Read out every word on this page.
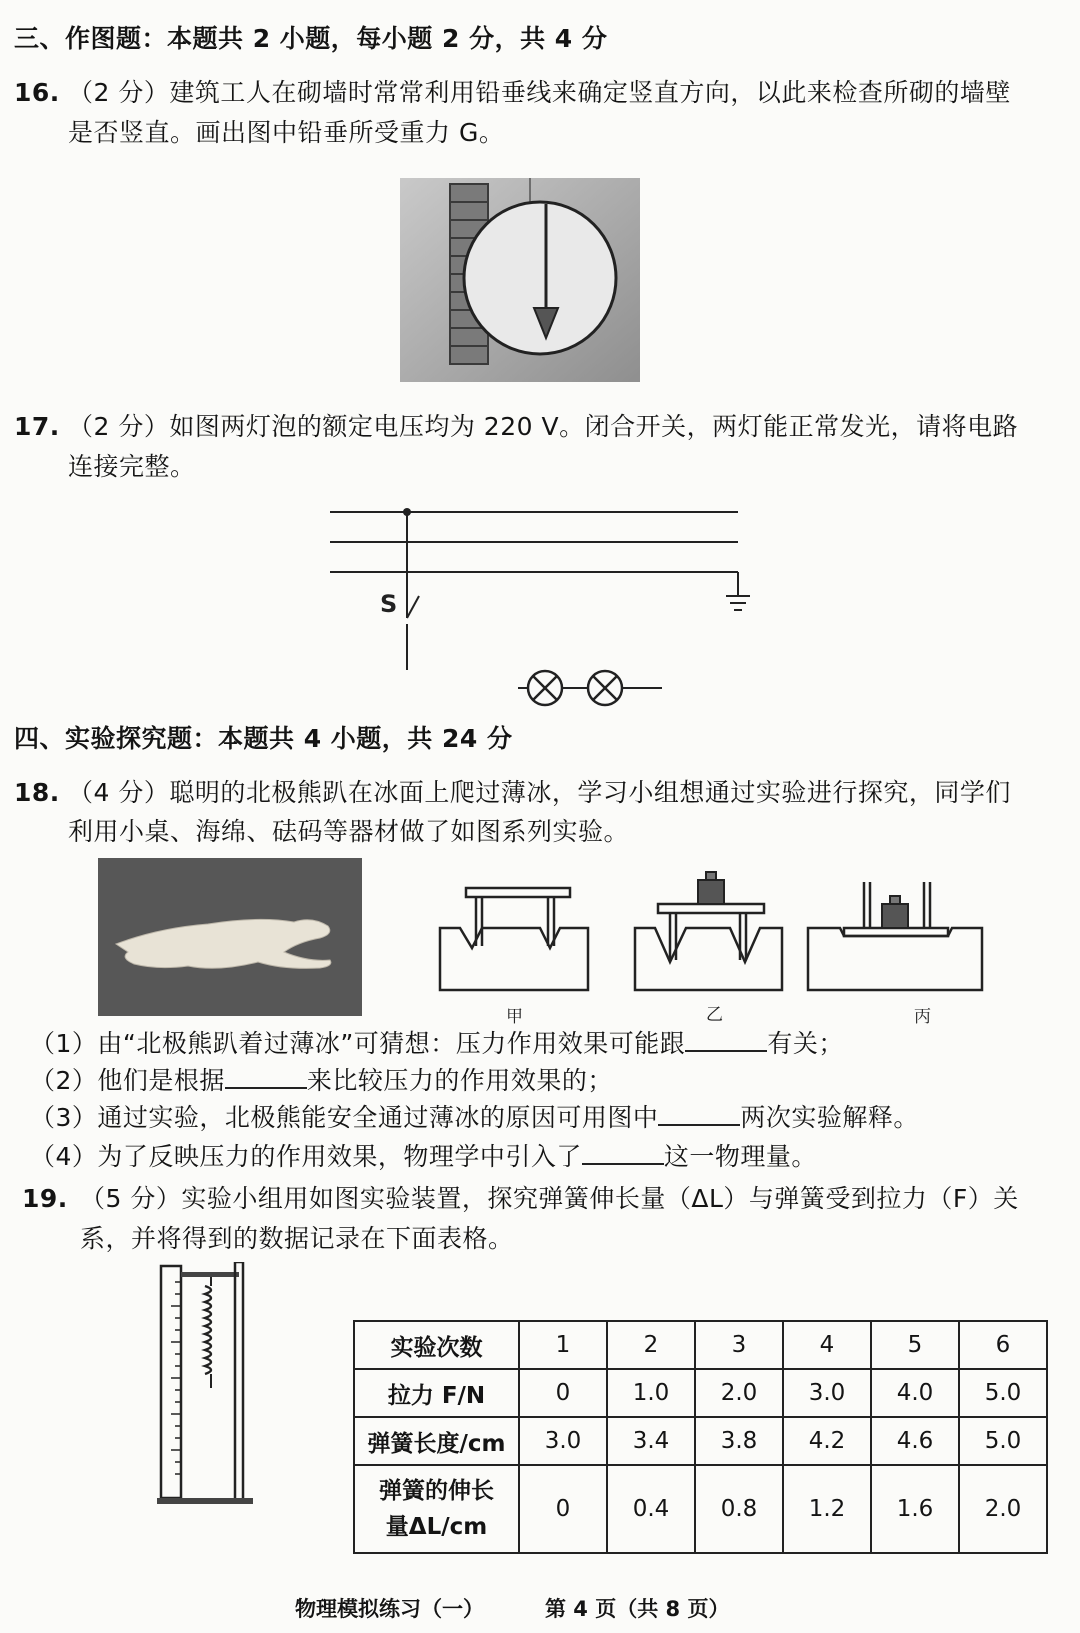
三、作图题：本题共 2 小题，每小题 2 分，共 4 分
16. （2 分）建筑工人在砌墙时常常利用铅垂线来确定竖直方向，以此来检查所砌的墙壁
是否竖直。画出图中铅垂所受重力 G。
17. （2 分）如图两灯泡的额定电压均为 220 V。闭合开关，两灯能正常发光，请将电路
连接完整。
S
四、实验探究题：本题共 4 小题，共 24 分
18. （4 分）聪明的北极熊趴在冰面上爬过薄冰，学习小组想通过实验进行探究，同学们
利用小桌、海绵、砝码等器材做了如图系列实验。
甲	乙	丙
（1）由“北极熊趴着过薄冰”可猜想：压力作用效果可能跟	有关；
（2）他们是根据	来比较压力的作用效果的；
（3）通过实验，北极熊能安全通过薄冰的原因可用图中	两次实验解释。
（4）为了反映压力的作用效果，物理学中引入了	这一物理量。
19. （5 分）实验小组用如图实验装置，探究弹簧伸长量（ΔL）与弹簧受到拉力（F）关
系，并将得到的数据记录在下面表格。
实验次数	1	2	3	4	5	6
拉力 F/N	0	1.0	2.0	3.0	4.0	5.0
弹簧长度/cm	3.0	3.4	3.8	4.2	4.6	5.0

弹簧的伸长
量ΔL/cm	0	0.4	0.8	1.2	1.6	2.0
物理模拟练习（一）	第 4 页（共 8 页）
